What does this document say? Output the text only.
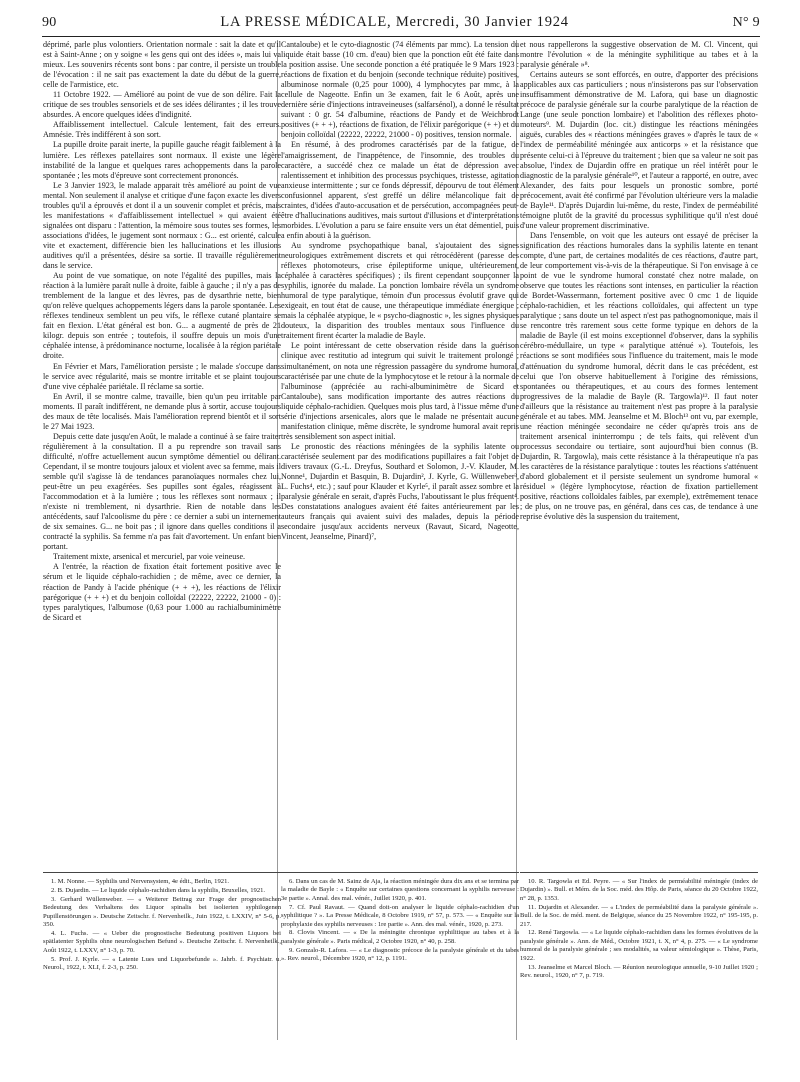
90	LA PRESSE MÉDICALE, Mercredi, 30 Janvier 1924	N° 9

déprimé, parle plus volontiers. Orientation normale : sait la date et qu'il est à Saint-Anne ; on y soigne « les gens qui ont des idées », mais lui va mieux. Les souvenirs récents sont bons : par contre, il persiste un trouble de l'évocation : il ne sait pas exactement la date du début de la guerre, celle de l'armistice, etc.

11 Octobre 1922. — Amélioré au point de vue de son délire. Fait la critique de ses troubles sensoriels et de ses idées délirantes ; il les trouve absurdes. A encore quelques idées d'indignité.

Affaiblissement intellectuel. Calcule lentement, fait des erreurs. Amnésie. Très indifférent à son sort.

La pupille droite parait inerte, la pupille gauche réagit faiblement à la lumière. Les réflexes patellaires sont normaux. Il existe une légère instabilité de la langue et quelques rares achoppements dans la parole spontanée ; les mots d'épreuve sont correctement prononcés.

Le 3 Janvier 1923, le malade apparait très amélioré au point de vue mental. Non seulement il analyse et critique d'une façon exacte les divers troubles qu'il a éprouvés et dont il a un souvenir complet et précis, mais les manifestations « d'affaiblissement intellectuel » qui avaient été signalées ont disparu : l'attention, la mémoire sous toutes ses formes, les associations d'idées, le jugement sont normaux : G... est orienté, calcule vite et exactement, différencie bien les hallucinations et les illusions auditives qu'il a présentées, désire sa sortie. Il travaille régulièrement dans le service.

Au point de vue somatique, on note l'égalité des pupilles, mais la réaction à la lumière paraît nulle à droite, faible à gauche ; il n'y a pas de tremblement de la langue et des lèvres, pas de dysarthrie nette, bien qu'on relève quelques achoppements légers dans la parole spontanée. Les réflexes tendineux semblent un peu vifs, le réflexe cutané plantaire se fait en flexion. L'état général est bon. G... a augmenté de près de 21 kilogr. depuis son entrée ; toutefois, il souffre depuis un mois d'une céphalée intense, à prédominance nocturne, localisée à la région pariétale droite.

En Février et Mars, l'amélioration persiste ; le malade s'occupe dans le service avec régularité, mais se montre irritable et se plaint toujours d'une vive céphalée pariétale. Il réclame sa sortie.

En Avril, il se montre calme, travaille, bien qu'un peu irritable par moments. Il paraît indifférent, ne demande plus à sortir, accuse toujours des maux de tête localisés. Mais l'amélioration reprend bientôt et il sort le 27 Mai 1923.

Depuis cette date jusqu'en Août, le malade a continué à se faire traiter régulièrement à la consultation. Il a pu reprendre son travail sans difficulté, n'offre actuellement aucun symptôme démentiel ou délirant. Cependant, il se montre toujours jaloux et violent avec sa femme, mais il semble qu'il s'agisse là de tendances paranoïaques normales chez lui, peut-être un peu exagérées. Ses pupilles sont égales, réagissent à l'accommodation et à la lumière ; tous les réflexes sont normaux ; il n'existe ni tremblement, ni dysarthrie. Rien de notable dans les antécédents, sauf l'alcoolisme du père : ce dernier a subi un internement de six semaines. G... ne boit pas ; il ignore dans quelles conditions il a contracté la syphilis. Sa femme n'a pas fait d'avortement. Un enfant bien portant.

Traitement mixte, arsenical et mercuriel, par voie veineuse.

A l'entrée, la réaction de fixation était fortement positive avec le sérum et le liquide céphalo-rachidien ; de même, avec ce dernier, la réaction de Pandy à l'acide phénique (+ + +), les réactions de l'élixir parégorique (+ + +) et du benjoin colloïdal (22222, 22222, 21000 - 0) : types paralytiques, l'albumose (0,63 pour 1.000 au rachialbuminimètre de Sicard et

Cantaloube) et le cyto-diagnostic (74 éléments par mmc). La tension du liquide était basse (10 cm. d'eau) bien que la ponction eût été faite dans la position assise. Une seconde ponction a été pratiquée le 9 Mars 1923 : réactions de fixation et du benjoin (seconde technique réduite) positives, albuminose normale (0,25 pour 1000), 4 lymphocytes par mmc, à la cellule de Nageotte. Enfin un 3e examen, fait le 6 Août, après une dernière série d'injections intraveineuses (salfarsénol), a donné le résultat suivant : 0 gr. 54 d'albumine, réactions de Pandy et de Weichbrodt positives (+ + +), réactions de fixation, de l'élixir parégorique (+ +) et du benjoin colloïdal (22222, 22222, 21000 - 0) positives, tension normale.

En résumé, à des prodromes caractérisés par de la fatigue, de l'amaigrissement, de l'inappétence, de l'insomnie, des troubles du caractère, a succédé chez ce malade un état de dépression avec ralentissement et inhibition des processus psychiques, tristesse, agitation anxieuse intermittente ; sur ce fonds dépressif, dépourvu de tout élément confusionnel apparent, s'est greffé un délire mélancolique fait de craintes, d'idées d'auto-accusation et de persécution, accompagnées peut-être d'hallucinations auditives, mais surtout d'illusions et d'interprétations morbides. L'évolution a paru se faire ensuite vers un état démentiel, puis a enfin abouti à la guérison.

Au syndrome psychopathique banal, s'ajoutaient des signes neurologiques extrêmement discrets et qui rétrocédèrent (paresse des réflexes photomoteurs, crise épileptiforme unique, ultérieurement, céphalée à caractères spécifiques) ; ils firent cependant soupçonner la syphilis, ignorée du malade. La ponction lombaire révéla un syndrome humoral de type paralytique, témoin d'un processus évolutif grave qui exigeait, en tout état de cause, une thérapeutique immédiate énergique ; mais la céphalée atypique, le « psycho-diagnostic », les signes physiques douteux, la disparition des troubles mentaux sous l'influence du traitement firent écarter la maladie de Bayle.

Le point intéressant de cette observation réside dans la guérison clinique avec restitutio ad integrum qui suivit le traitement prolongé ; simultanément, on nota une régression passagère du syndrome humoral, caractérisée par une chute de la lymphocytose et le retour à la normale de l'albuminose (appréciée au rachi-albuminimètre de Sicard et Cantaloube), sans modification importante des autres réactions du liquide céphalo-rachidien. Quelques mois plus tard, à l'issue même d'une série d'injections arsenicales, alors que le malade ne présentait aucune manifestation clinique, même discrète, le syndrome humoral avait repris très sensiblement son aspect initial.

Le pronostic des réactions méningées de la syphilis latente ou caractérisée seulement par des modifications pupillaires a fait l'objet de divers travaux (G.-L. Dreyfus, Southard et Solomon, J.-V. Klauder, M. Nonne¹, Dujardin et Basquin, B. Dujardin², J. Kyrle, G. Wüllenweber³, L. Fuchs⁴, etc.) ; sauf pour Klauder et Kyrle⁵, il paraît assez sombre et la paralysie générale en serait, d'après Fuchs, l'aboutissant le plus fréquent⁴. Des constatations analogues avaient été faites antérieurement par les auteurs français qui avaient suivi des malades, depuis la période secondaire jusqu'aux accidents nerveux (Ravaut, Sicard, Nageotte, Vincent, Jeanselme, Pinard)⁷,

et nous rappellerons la suggestive observation de M. Cl. Vincent, qui montre l'évolution « de la méningite syphilitique au tabes et à la paralysie générale »⁸.

Certains auteurs se sont efforcés, en outre, d'apporter des précisions applicables aux cas particuliers ; nous n'insisterons pas sur l'observation insuffisamment démonstrative de M. Lafora, qui base un diagnostic précoce de paralysie générale sur la courbe paralytique de la réaction de Lange (une seule ponction lombaire) et l'abolition des réflexes photo-moteurs⁹. M. Dujardin (loc. cit.) distingue les réactions méningées aiguës, curables des « réactions méningées graves » d'après le taux de « l'index de perméabilité méningée aux anticorps » et la résistance que présente celui-ci à l'épreuve du traitement ; bien que sa valeur ne soit pas absolue, l'index de Dujardin offre en pratique un réel intérêt pour le diagnostic de la paralysie générale¹⁰, et l'auteur a rapporté, en outre, avec Alexander, des faits pour lesquels un pronostic sombre, porté précocement, avait été confirmé par l'évolution ultérieure vers la maladie de Bayle¹¹. D'après Dujardin lui-même, du reste, l'index de perméabilité témoigne plutôt de la gravité du processus syphilitique qu'il n'est doué d'une valeur proprement discriminative.

Dans l'ensemble, on voit que les auteurs ont essayé de préciser la signification des réactions humorales dans la syphilis latente en tenant compte, d'une part, de certaines modalités de ces réactions, d'autre part, de leur comportement vis-à-vis de la thérapeutique. Si l'on envisage à ce point de vue le syndrome humoral constaté chez notre malade, on observe que toutes les réactions sont intenses, en particulier la réaction de Bordet-Wassermann, fortement positive avec 0 cmc 1 de liquide céphalo-rachidien, et les réactions colloïdales, qui affectent un type paralytique ; sans doute un tel aspect n'est pas pathognomonique, mais il se rencontre très rarement sous cette forme typique en dehors de la maladie de Bayle (il est moins exceptionnel d'observer, dans la syphilis cérébro-médullaire, un type « paralytique atténué »). Toutefois, les réactions se sont modifiées sous l'influence du traitement, mais le mode d'atténuation du syndrome humoral, décrit dans le cas précédent, est celui que l'on observe habituellement à l'origine des rémissions, spontanées ou thérapeutiques, et au cours des formes lentement progressives de la maladie de Bayle (R. Targowla)¹². Il faut noter d'ailleurs que la résistance au traitement n'est pas propre à la paralysie générale et au tabes. MM. Jeanselme et M. Bloch¹³ ont vu, par exemple, une réaction méningée secondaire ne céder qu'après trois ans de traitement arsenical ininterrompu ; de tels faits, qui relèvent d'un processus secondaire ou tertiaire, sont aujourd'hui bien connus (B. Dujardin, R. Targowla), mais cette résistance à la thérapeutique n'a pas les caractères de la résistance paralytique : toutes les réactions s'atténuent d'abord globalement et il persiste seulement un syndrome humoral « résiduel » (légère lymphocytose, réaction de fixation partiellement positive, réactions colloïdales faibles, par exemple), extrêmement tenace ; de plus, on ne trouve pas, en général, dans ces cas, de tendance à une reprise évolutive dès la suspension du traitement,

1. M. Nonne. — Syphilis und Nervensystem, 4e édit., Berlin, 1921.

2. B. Dujardin. — Le liquide céphalo-rachidien dans la syphilis, Bruxelles, 1921.

3. Gerhard Wüllenweber. — « Weiterer Beitrag zur Frage der prognostischen Bedeutung des Verhaltens des Liquor spinalis bei isolierten syphilogenen Pupillenstörungen ». Deutsche Zeitschr. f. Nervenheilk., Juin 1922, t. LXXIV, n° 5-6, p. 350.

4. L. Fuchs. — « Ueber die prognostische Bedeutung positiven Liquors bei spätlatenter Syphilis ohne neurologischen Befund ». Deutsche Zeitschr. f. Nervenheilk., Août 1922, t. LXXV, n° 1-3, p. 70.

5. Prof. J. Kyrle. — « Latente Lues und Liquorbefunde ». Jahrb. f. Psychiatr. u. Neurol., 1922, t. XLI, f. 2-3, p. 250.

6. Dans un cas de M. Sainz de Aja, la réaction méningée dura dix ans et se termina par la maladie de Bayle : « Enquête sur certaines questions concernant la syphilis nerveuse : 3e partie ». Annal. des mal. vénér., Juillet 1920, p. 401.

7. Cf. Paul Ravaut. — Quand doit-on analyser le liquide céphalo-rachidien d'un syphilitique ? ». La Presse Médicale, 8 Octobre 1919, n° 57, p. 573. — « Enquête sur la prophylaxie des syphilis nerveuses : 1re partie ». Ann. des mal. vénér., 1920, p. 273.

8. Clovis Vincent. — « De la méningite chronique syphilitique au tabes et à la paralysie générale ». Paris médical, 2 Octobre 1920, n° 40, p. 258.

9. Gonzalo-R. Lafora. — « Le diagnostic précoce de la paralysie générale et du tabes ». Rev. neurol., Décembre 1920, n° 12, p. 1191.

10. R. Targowla et Ed. Peyre. — « Sur l'index de perméabilité méningée (index de Dujardin) ». Bull. et Mém. de la Soc. méd. des Hôp. de Paris, séance du 20 Octobre 1922, n° 28, p. 1353.

11. Dujardin et Alexander. — « L'index de perméabilité dans la paralysie générale ». Bull. de la Soc. de méd. ment. de Belgique, séance du 25 Novembre 1922, n° 195-195, p. 217.

12. René Targowla. — « Le liquide céphalo-rachidien dans les formes évolutives de la paralysie générale ». Ann. de Méd., Octobre 1921, t. X, n° 4, p. 275. — « Le syndrome humoral de la paralysie générale ; ses modalités, sa valeur sémiologique ». Thèse, Paris, 1922.

13. Jeanselme et Marcel Bloch. — Réunion neurologique annuelle, 9-10 Juillet 1920 ; Rev. neurol., 1920, n° 7, p. 719.
